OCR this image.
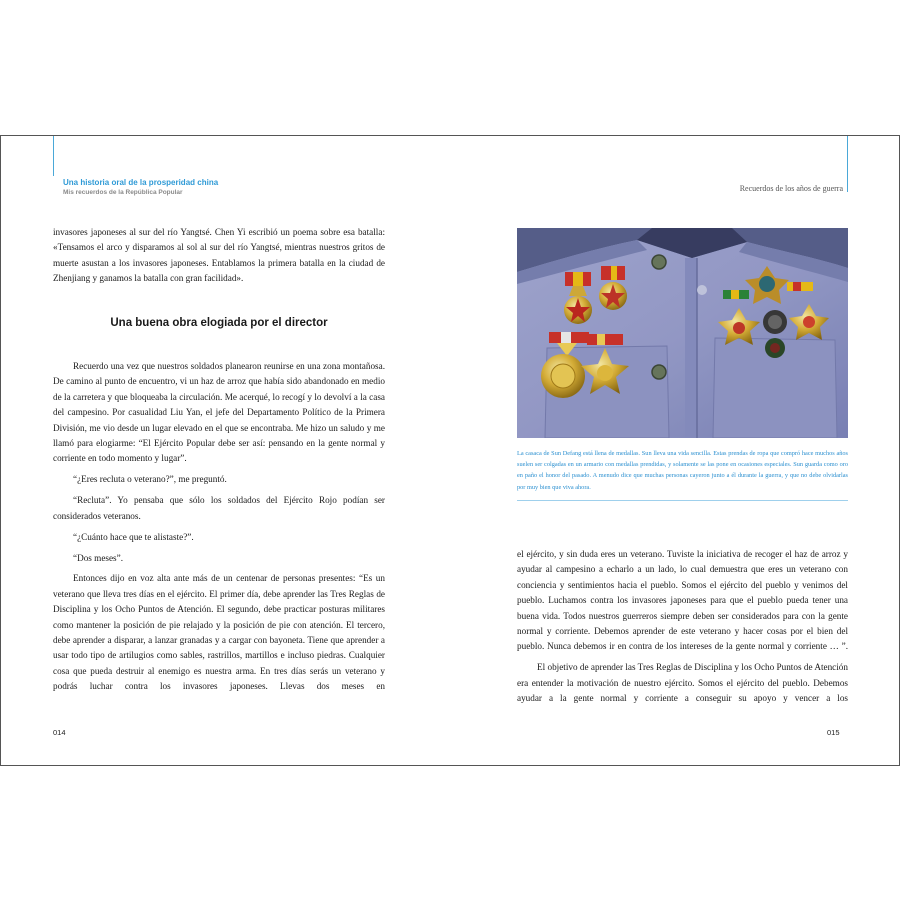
Una historia oral de la prosperidad china
Mis recuerdos de la República Popular	Recuerdos de los años de guerra

invasores japoneses al sur del río Yangtsé. Chen Yi escribió un poema sobre esa batalla: «Tensamos el arco y disparamos al sol al sur del río Yangtsé, mientras nuestros gritos de muerte asustan a los invasores japoneses. Entablamos la primera batalla en la ciudad de Zhenjiang y ganamos la batalla con gran facilidad».

Una buena obra elogiada por el director

Recuerdo una vez que nuestros soldados planearon reunirse en una zona montañosa. De camino al punto de encuentro, vi un haz de arroz que había sido abandonado en medio de la carretera y que bloqueaba la circulación. Me acerqué, lo recogí y lo devolví a la casa del campesino. Por casualidad Liu Yan, el jefe del Departamento Político de la Primera División, me vio desde un lugar elevado en el que se encontraba. Me hizo un saludo y me llamó para elogiarme: “El Ejército Popular debe ser así: pensando en la gente normal y corriente en todo momento y lugar”.

“¿Eres recluta o veterano?”, me preguntó.

“Recluta”. Yo pensaba que sólo los soldados del Ejército Rojo podían ser considerados veteranos.

“¿Cuánto hace que te alistaste?”.

“Dos meses”.

Entonces dijo en voz alta ante más de un centenar de personas presentes: “Es un veterano que lleva tres días en el ejército. El primer día, debe aprender las Tres Reglas de Disciplina y los Ocho Puntos de Atención. El segundo, debe practicar posturas militares como mantener la posición de pie relajado y la posición de pie con atención. El tercero, debe aprender a disparar, a lanzar granadas y a cargar con bayoneta. Tiene que aprender a usar todo tipo de artilugios como sables, rastrillos, martillos e incluso piedras. Cualquier cosa que pueda destruir al enemigo es nuestra arma. En tres días serás un veterano y podrás luchar contra los invasores japoneses. Llevas dos meses en

La casaca de Sun Defang está llena de medallas. Sun lleva una vida sencilla. Estas prendas de ropa que compró hace muchos años suelen ser colgadas en un armario con medallas prendidas, y solamente se las pone en ocasiones especiales. Sun guarda como oro en paño el honor del pasado. A menudo dice que muchas personas cayeron junto a él durante la guerra, y que no debe olvidarlas por muy bien que viva ahora.

el ejército, y sin duda eres un veterano. Tuviste la iniciativa de recoger el haz de arroz y ayudar al campesino a echarlo a un lado, lo cual demuestra que eres un veterano con conciencia y sentimientos hacia el pueblo. Somos el ejército del pueblo y venimos del pueblo. Luchamos contra los invasores japoneses para que el pueblo pueda tener una buena vida. Todos nuestros guerreros siempre deben ser considerados para con la gente normal y corriente. Debemos aprender de este veterano y hacer cosas por el bien del pueblo. Nunca debemos ir en contra de los intereses de la gente normal y corriente … ”.

El objetivo de aprender las Tres Reglas de Disciplina y los Ocho Puntos de Atención era entender la motivación de nuestro ejército. Somos el ejército del pueblo. Debemos ayudar a la gente normal y corriente a conseguir su apoyo y vencer a los

014	015
